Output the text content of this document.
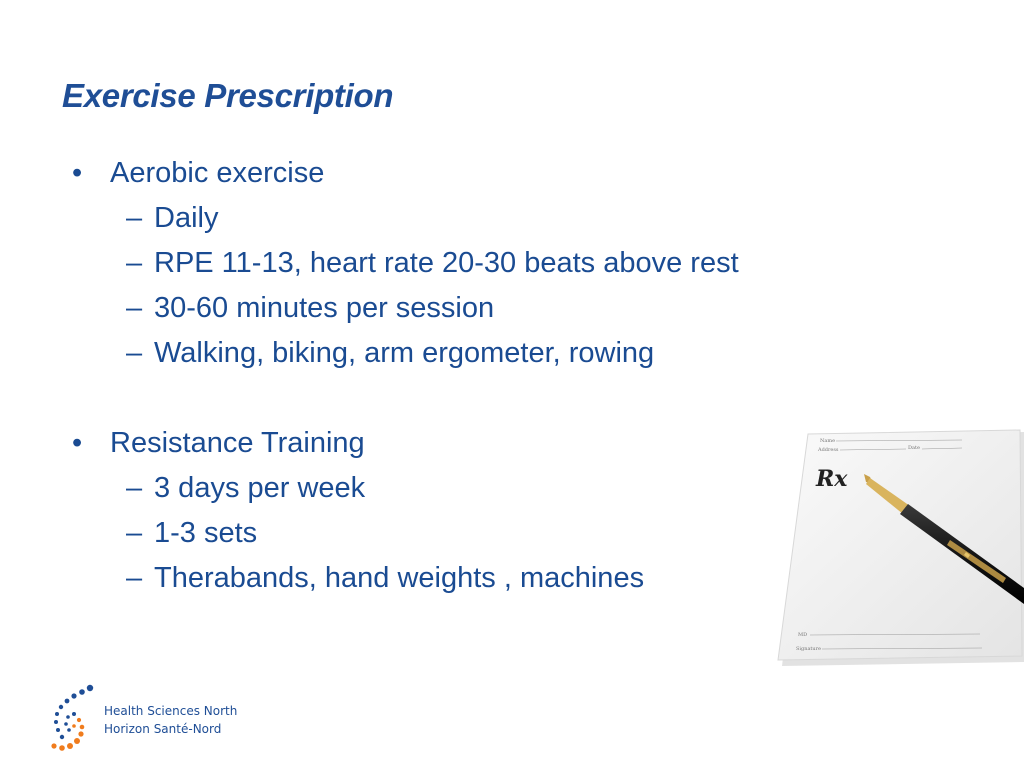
Exercise Prescription
• Aerobic exercise
– Daily
– RPE 11-13, heart rate 20-30 beats above rest
– 30-60 minutes per session
– Walking, biking, arm ergometer, rowing
• Resistance Training
– 3 days per week
– 1-3 sets
– Therabands, hand weights , machines
Name
Address	Date
Rx
MD
Signature
Health Sciences North
Horizon Santé-Nord
